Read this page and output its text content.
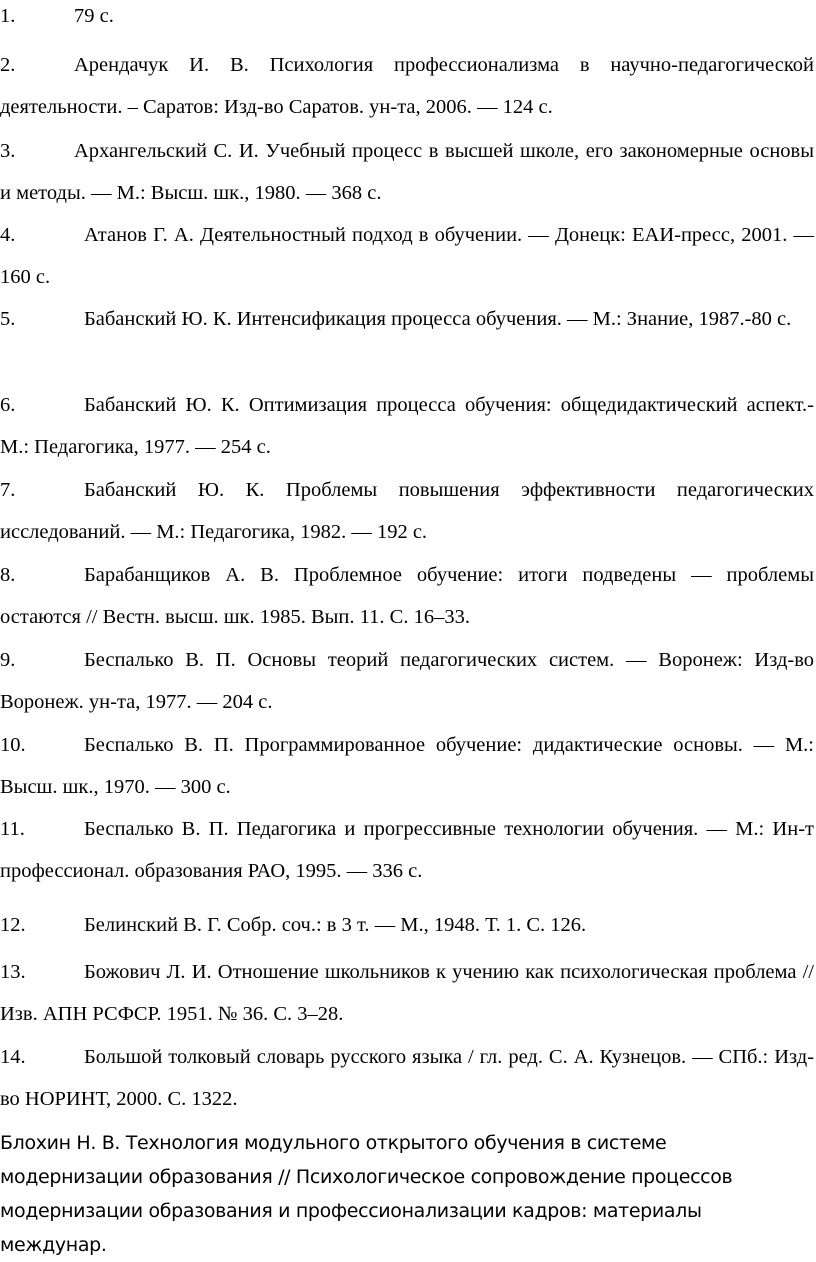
1.	79 с.
2.	Арендачук И. В. Психология профессионализма в научно-педагогической деятельности. – Саратов: Изд-во Саратов. ун-та, 2006. — 124 с.
3.	Архангельский С. И. Учебный процесс в высшей школе, его закономерные основы и методы. — М.: Высш. шк., 1980. — 368 с.
4.	Атанов Г. А. Деятельностный подход в обучении. — Донецк: ЕАИ-пресс, 2001. — 160 с.
5.	Бабанский Ю. К. Интенсификация процесса обучения. — М.: Знание, 1987.-80 с.
6.	Бабанский Ю. К. Оптимизация процесса обучения: общедидактический аспект.- М.: Педагогика, 1977. — 254 с.
7.	Бабанский Ю. К. Проблемы повышения эффективности педагогических исследований. — М.: Педагогика, 1982. — 192 с.
8.	Барабанщиков А. В. Проблемное обучение: итоги подведены — проблемы остаются // Вестн. высш. шк. 1985. Вып. 11. С. 16–33.
9.	Беспалько В. П. Основы теорий педагогических систем. — Воронеж: Изд-во Воронеж. ун-та, 1977. — 204 с.
10.	Беспалько В. П. Программированное обучение: дидактические основы. — М.: Высш. шк., 1970. — 300 с.
11.	Беспалько В. П. Педагогика и прогрессивные технологии обучения. — М.: Ин-т профессионал. образования РАО, 1995. — 336 с.
12.	Белинский В. Г. Собр. соч.: в 3 т. — М., 1948. Т. 1. С. 126.
13.	Божович Л. И. Отношение школьников к учению как психологическая проблема // Изв. АПН РСФСР. 1951. № 36. С. 3–28.
14.	Большой толковый словарь русского языка / гл. ред. С. А. Кузнецов. — СПб.: Изд-во НОРИНТ, 2000. С. 1322.
Блохин Н. В. Технология модульного открытого обучения в системе модернизации образования // Психологическое сопровождение процессов модернизации образования и профессионализации кадров: материалы междунар.
